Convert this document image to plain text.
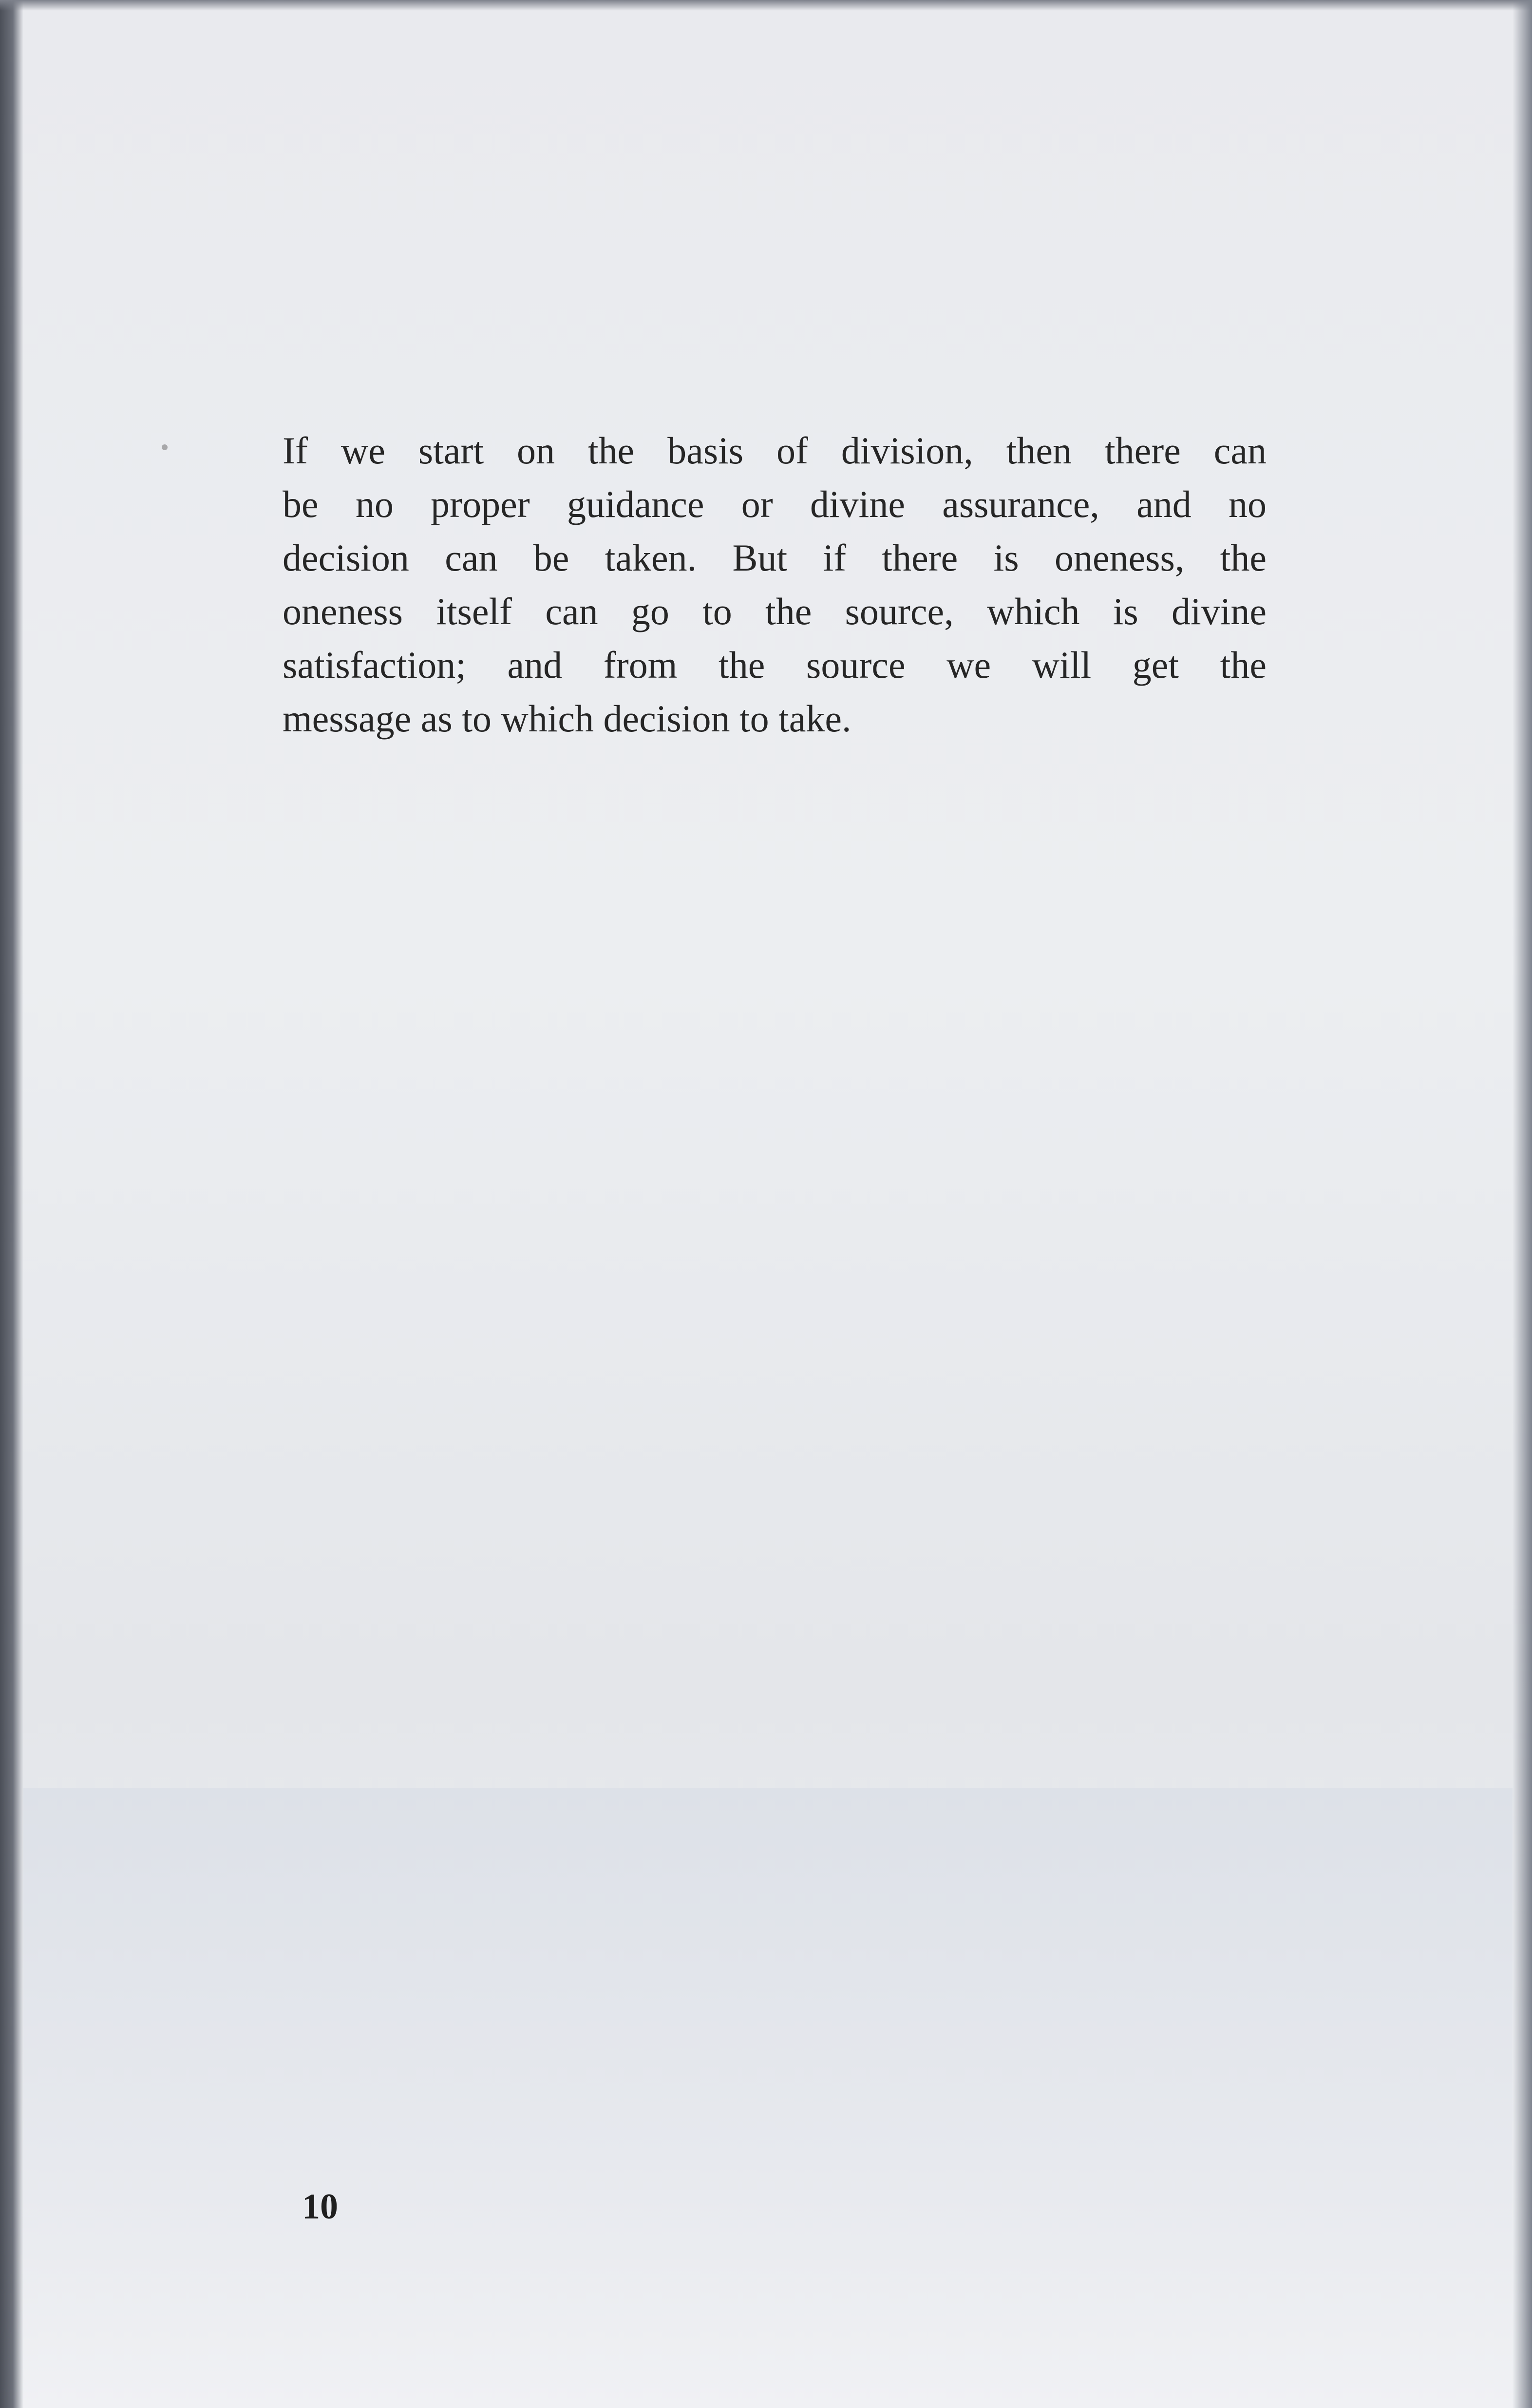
If we start on the basis of division, then there can
be no proper guidance or divine assurance, and no
decision can be taken. But if there is oneness, the
oneness itself can go to the source, which is divine
satisfaction; and from the source we will get the
message as to which decision to take.
10
